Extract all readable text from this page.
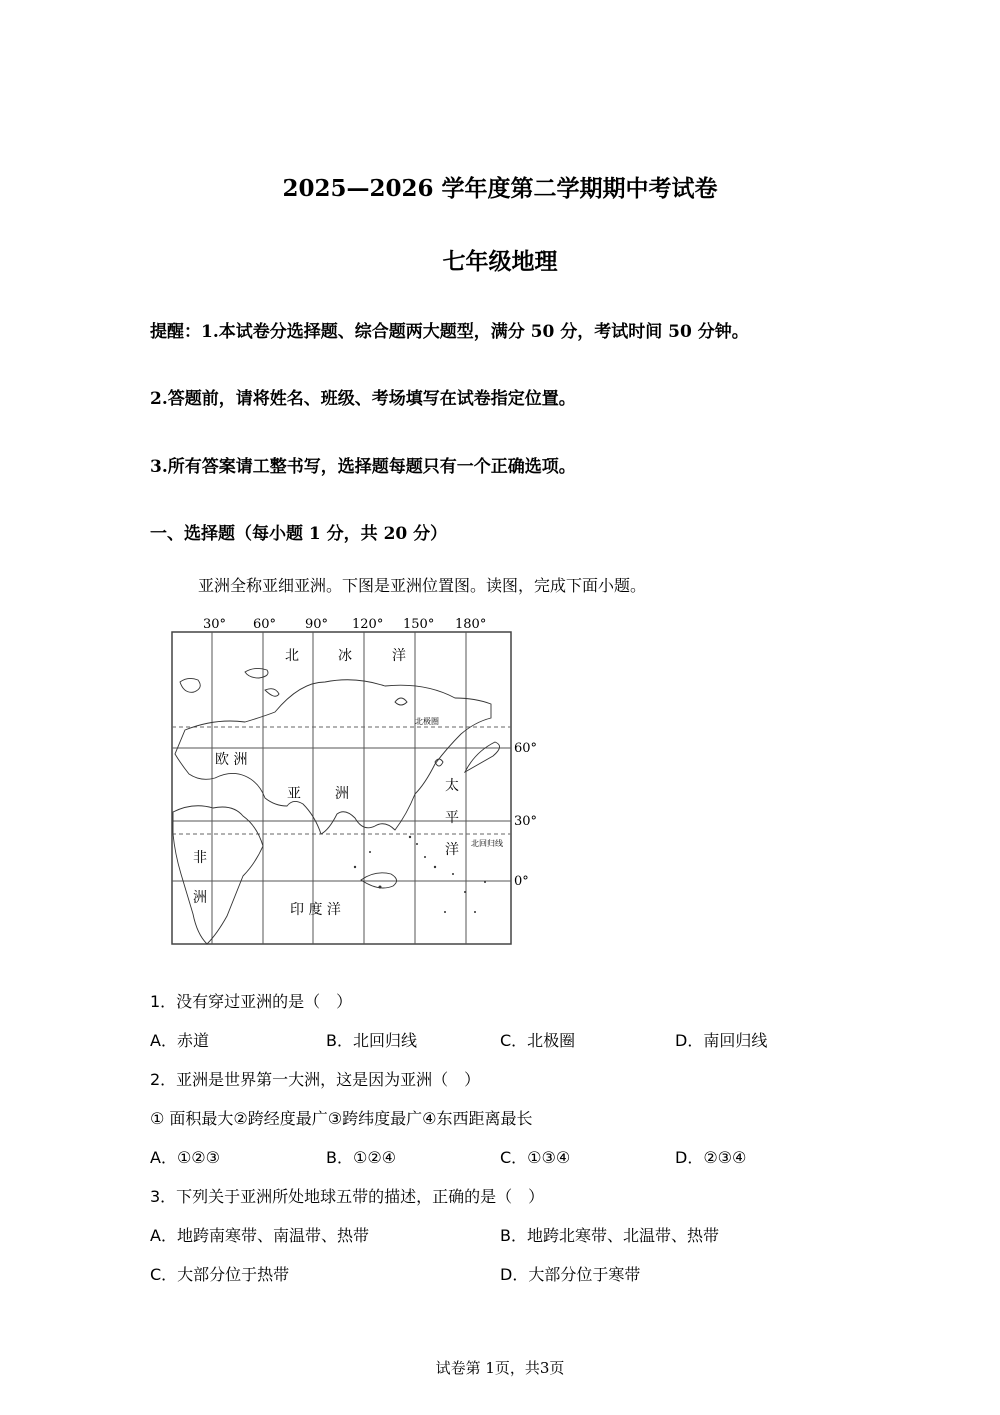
2025—2026 学年度第二学期期中考试卷
七年级地理
提醒：1.本试卷分选择题、综合题两大题型，满分 50 分，考试时间 50 分钟。
2.答题前，请将姓名、班级、考场填写在试卷指定位置。
3.所有答案请工整书写，选择题每题只有一个正确选项。
一、选择题（每小题 1 分，共 20 分）
亚洲全称亚细亚洲。下图是亚洲位置图。读图，完成下面小题。
30° 60° 90° 120° 150° 180°
60°
30°
0°
北极圈
北回归线
北	冰	洋
欧 洲
亚 洲	太
平
洋
非
洲
印 度 洋
1．没有穿过亚洲的是（　）
A．赤道	B．北回归线	C．北极圈	D．南回归线
2．亚洲是世界第一大洲，这是因为亚洲（　）
① 面积最大②跨经度最广③跨纬度最广④东西距离最长
A．①②③	B．①②④	C．①③④	D．②③④
3．下列关于亚洲所处地球五带的描述，正确的是（　）
A．地跨南寒带、南温带、热带	B．地跨北寒带、北温带、热带
C．大部分位于热带	D．大部分位于寒带
试卷第 1页，共3页
